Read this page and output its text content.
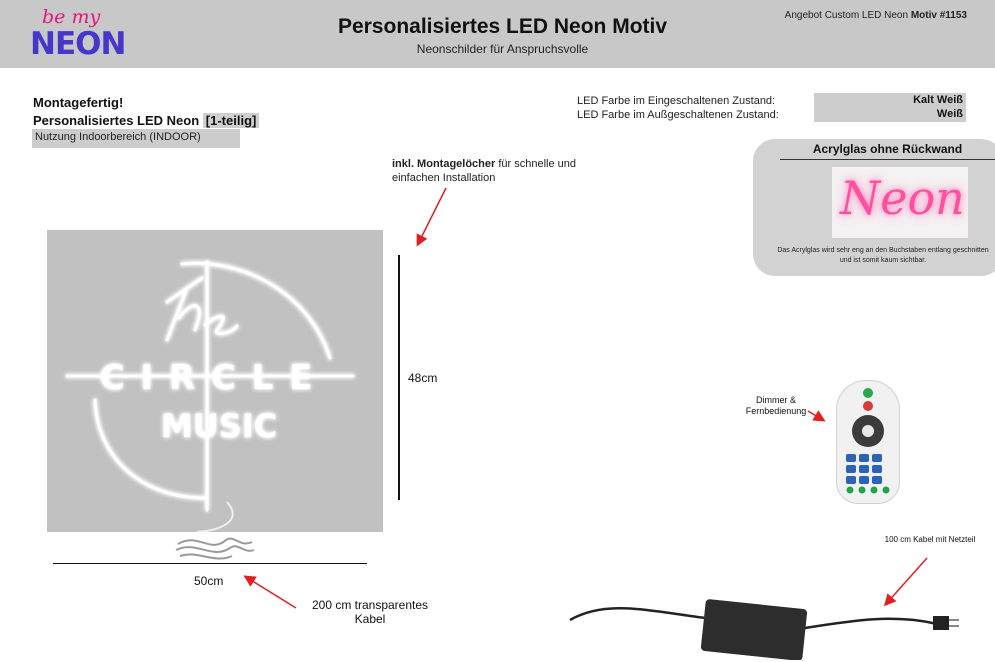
be my
NEON	Personalisiertes LED Neon Motiv
Neonschilder für Anspruchsvolle
Angebot Custom LED Neon Motiv #1153
Montagefertig!
Personalisiertes LED Neon [1-teilig]
Nutzung Indoorbereich (INDOOR)
LED Farbe im Eingeschaltenen Zustand:	Kalt Weiß
LED Farbe im Außgeschaltenen Zustand:	Weiß
Acrylglas ohne Rückwand
Neon
Das Acrylglas wird sehr eng an den Buchstaben entlang geschnitten und ist somit kaum sichtbar.
inkl. Montagelöcher für schnelle und einfachen Installation
C I R C L E
MUSIC
48cm
50cm
200 cm transparentes Kabel
Dimmer & Fernbedienung
100 cm Kabel mit Netzteil
